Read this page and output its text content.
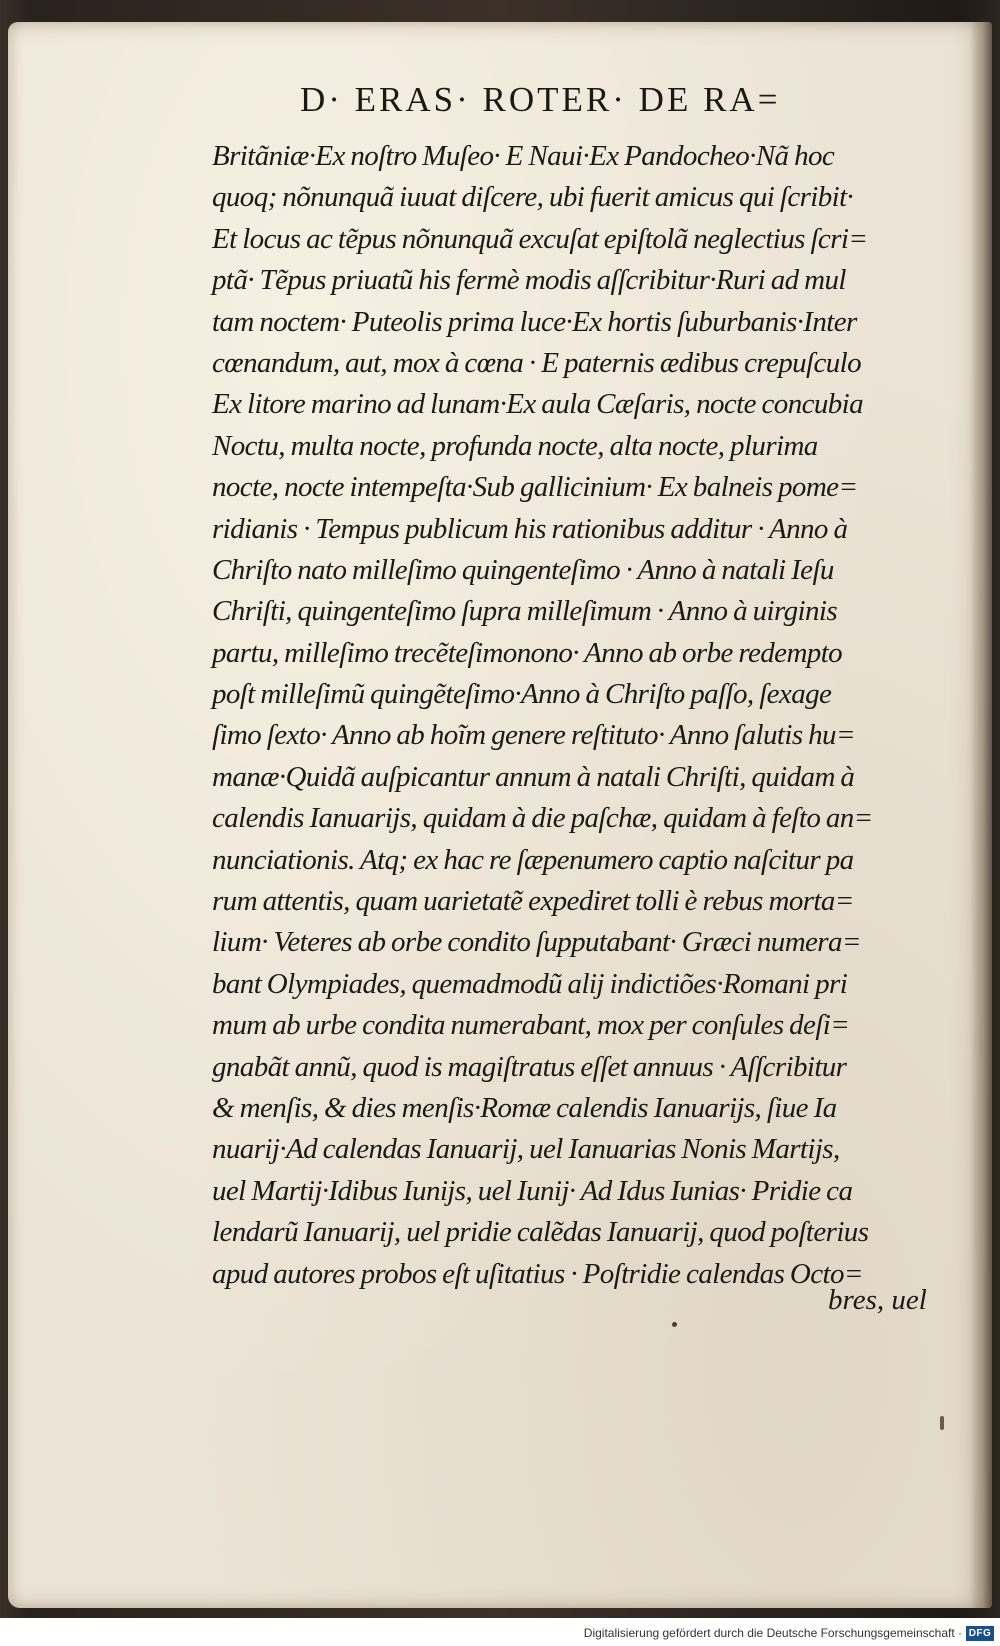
D· ERAS· ROTER· DE RA=
Britãniæ·Ex noſtro Muſeo· E Naui·Ex Pandocheo·Nã hoc
quoq; nõnunquã iuuat diſcere, ubi fuerit amicus qui ſcribit·
Et locus ac tẽpus nõnunquã excuſat epiſtolã neglectius ſcri=
ptã· Tẽpus priuatũ his fermè modis aſſcribitur·Ruri ad mul
tam noctem· Puteolis prima luce·Ex hortis ſuburbanis·Inter
cœnandum, aut, mox à cœna · E paternis ædibus crepuſculo
Ex litore marino ad lunam·Ex aula Cæſaris, nocte concubia
Noctu, multa nocte, profunda nocte, alta nocte, plurima
nocte, nocte intempeſta·Sub gallicinium· Ex balneis pome=
ridianis · Tempus publicum his rationibus additur · Anno à
Chriſto nato milleſimo quingenteſimo · Anno à natali Ieſu
Chriſti, quingenteſimo ſupra milleſimum · Anno à uirginis
partu, milleſimo trecẽteſimonono· Anno ab orbe redempto
poſt milleſimũ quingẽteſimo·Anno à Chriſto paſſo, ſexage
ſimo ſexto· Anno ab hoĩm genere reſtituto· Anno ſalutis hu=
manæ·Quidã auſpicantur annum à natali Chriſti, quidam à
calendis Ianuarijs, quidam à die paſchæ, quidam à feſto an=
nunciationis. Atq; ex hac re ſæpenumero captio naſcitur pa
rum attentis, quam uarietatẽ expediret tolli è rebus morta=
lium· Veteres ab orbe condito ſupputabant· Græci numera=
bant Olympiades, quemadmodũ alij indictiões·Romani pri
mum ab urbe condita numerabant, mox per conſules deſi=
gnabãt annũ, quod is magiſtratus eſſet annuus · Aſſcribitur
& menſis, & dies menſis·Romæ calendis Ianuarijs, ſiue Ia
nuarij·Ad calendas Ianuarij, uel Ianuarias Nonis Martijs,
uel Martij·Idibus Iunijs, uel Iunij· Ad Idus Iunias· Pridie ca
lendarũ Ianuarij, uel pridie calẽdas Ianuarij, quod poſterius
apud autores probos eſt uſitatius · Poſtridie calendas Octo=
bres, uel
Digitalisierung gefördert durch die Deutsche Forschungsgemeinschaft · DFG
